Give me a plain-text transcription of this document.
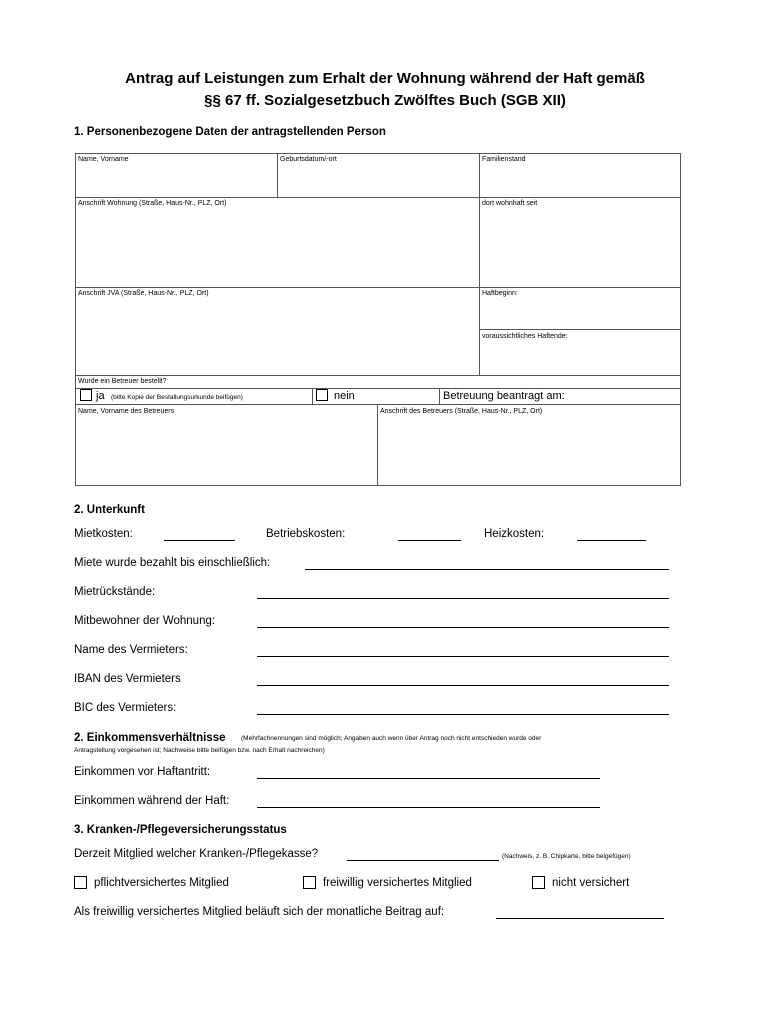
Antrag auf Leistungen zum Erhalt der Wohnung während der Haft gemäß
§§ 67 ff. Sozialgesetzbuch Zwölftes Buch (SGB XII)
1. Personenbezogene Daten der antragstellenden Person
Name, Vorname	Geburtsdatum/-ort	Familienstand
Anschrift Wohnung (Straße, Haus-Nr., PLZ, Ort)	dort wohnhaft seit
Anschrift JVA (Straße, Haus-Nr., PLZ, Ort)	Haftbeginn:
voraussichtliches Haftende:
Wurde ein Betreuer bestellt?
ja (bitte Kopie der Bestallungsurkunde beifügen)	nein	Betreuung beantragt am:
Name, Vorname des Betreuers	Anschrift des Betreuers (Straße, Haus-Nr., PLZ, Ort)
2. Unterkunft
Mietkosten:	Betriebskosten:	Heizkosten:
Miete wurde bezahlt bis einschließlich:
Mietrückstände:
Mitbewohner der Wohnung:
Name des Vermieters:
IBAN des Vermieters
BIC des Vermieters:
2. Einkommensverhältnisse (Mehrfachnennungen sind möglich; Angaben auch wenn über Antrag noch nicht entschieden wurde oder
Antragstellung vorgesehen ist; Nachweise bitte beifügen bzw. nach Erhalt nachreichen)
Einkommen vor Haftantritt:
Einkommen während der Haft:
3. Kranken-/Pflegeversicherungsstatus
Derzeit Mitglied welcher Kranken-/Pflegekasse?	(Nachweis, z. B. Chipkarte, bitte beigefügen)
pflichtversichertes Mitglied	freiwillig versichertes Mitglied	nicht versichert
Als freiwillig versichertes Mitglied beläuft sich der monatliche Beitrag auf:
